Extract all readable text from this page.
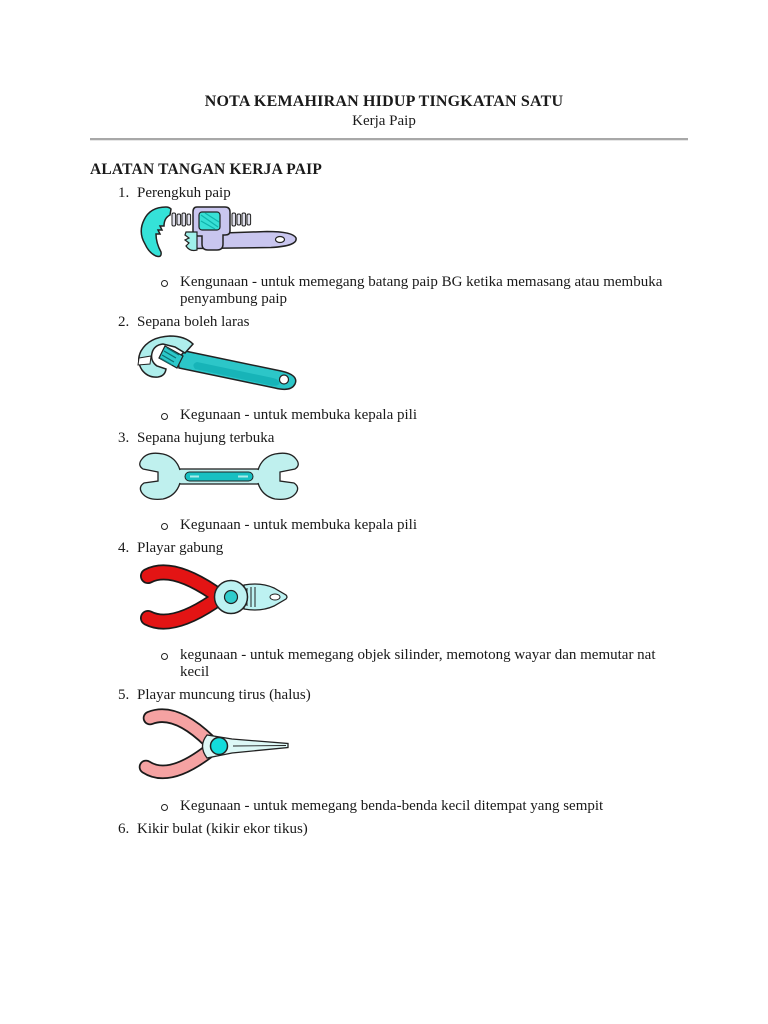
NOTA KEMAHIRAN HIDUP TINGKATAN SATU
Kerja Paip
ALATAN TANGAN KERJA PAIP
1. Perengkuh paip
Kengunaan - untuk memegang batang paip BG ketika memasang atau membuka penyambung paip
2. Sepana boleh laras
Kegunaan - untuk membuka kepala pili
3. Sepana hujung terbuka
Kegunaan - untuk membuka kepala pili
4. Playar gabung
kegunaan - untuk memegang objek silinder, memotong wayar dan memutar nat kecil
5. Playar muncung tirus (halus)
Kegunaan - untuk memegang benda-benda kecil ditempat yang sempit
6. Kikir bulat (kikir ekor tikus)
